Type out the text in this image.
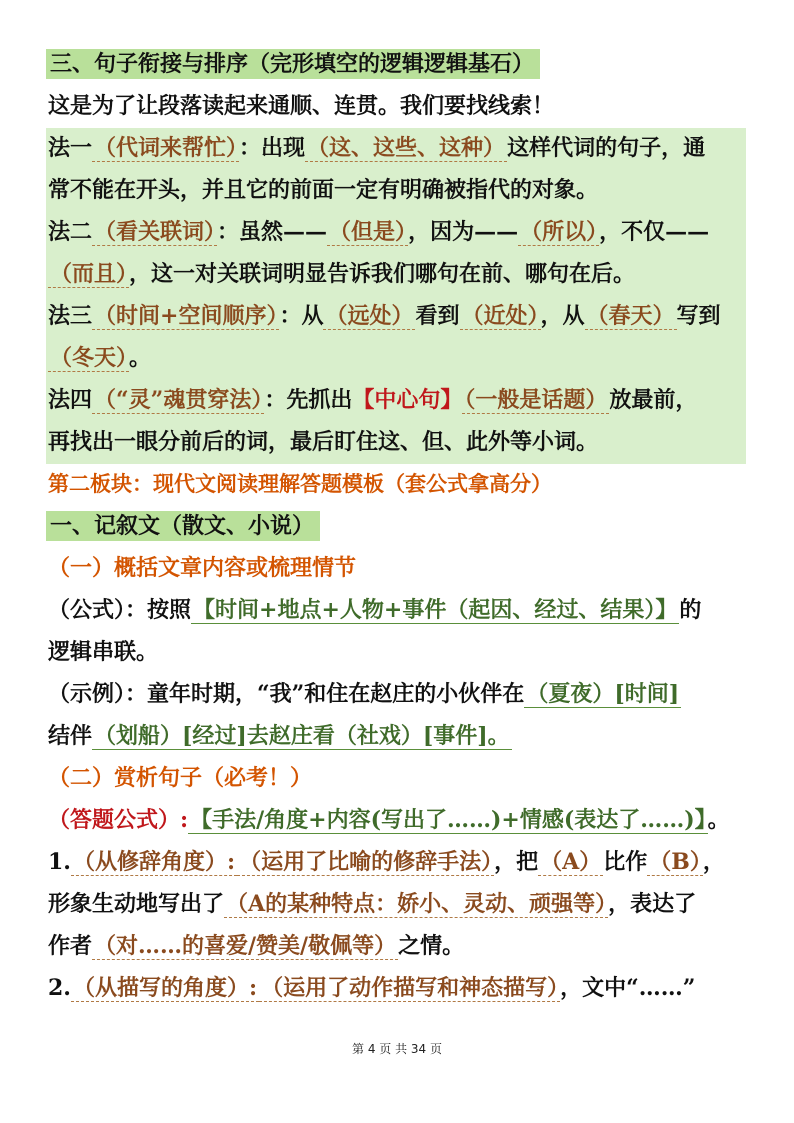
三、句子衔接与排序（完形填空的逻辑逻辑基石）
这是为了让段落读起来通顺、连贯。我们要找线索！
法一（代词来帮忙）：出现（这、这些、这种）这样代词的句子，通
常不能在开头，并且它的前面一定有明确被指代的对象。
法二（看关联词）：虽然——（但是），因为——（所以），不仅——
（而且），这一对关联词明显告诉我们哪句在前、哪句在后。
法三（时间+空间顺序）：从（远处）看到（近处），从（春天）写到
（冬天）。
法四（“灵”魂贯穿法）：先抓出【中心句】（一般是话题）放最前，
再找出一眼分前后的词，最后盯住这、但、此外等小词。
第二板块：现代文阅读理解答题模板（套公式拿高分）
一、记叙文（散文、小说）
（一）概括文章内容或梳理情节
（公式）：按照【时间+地点+人物+事件（起因、经过、结果）】的
逻辑串联。
（示例）：童年时期，“我”和住在赵庄的小伙伴在（夏夜）[时间]
结伴（划船）[经过]去赵庄看（社戏）[事件]。
（二）赏析句子（必考！）
（答题公式）:【手法/角度+内容(写出了……)+情感(表达了……)】。
1.（从修辞角度）: （运用了比喻的修辞手法），把（A）比作（B），
形象生动地写出了（A的某种特点：娇小、灵动、顽强等），表达了
作者（对……的喜爱/赞美/敬佩等）之情。
2.（从描写的角度）: （运用了动作描写和神态描写），文中“……”
第 4 页 共 34 页
